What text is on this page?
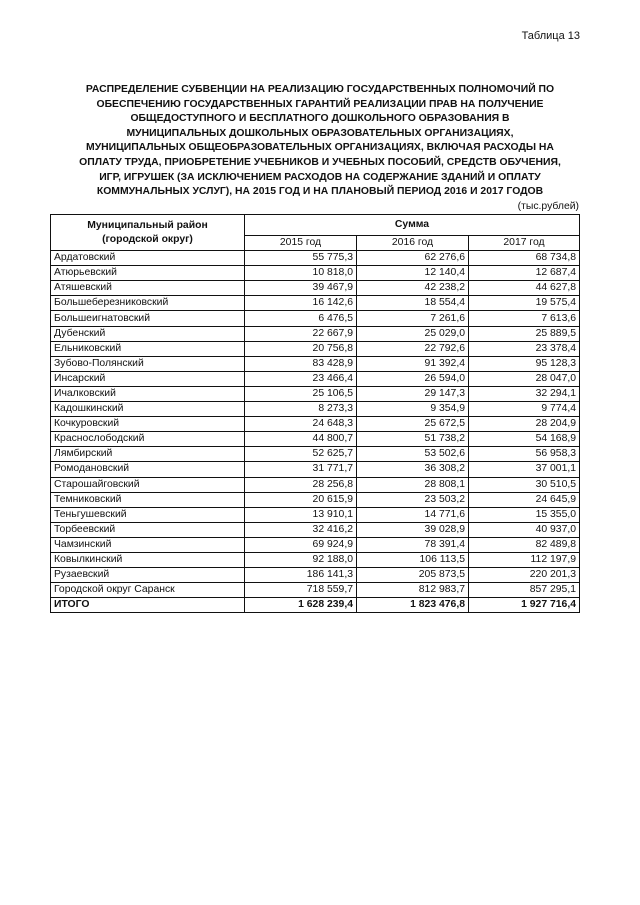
Таблица 13
РАСПРЕДЕЛЕНИЕ СУБВЕНЦИИ НА РЕАЛИЗАЦИЮ ГОСУДАРСТВЕННЫХ ПОЛНОМОЧИЙ ПО
ОБЕСПЕЧЕНИЮ ГОСУДАРСТВЕННЫХ ГАРАНТИЙ РЕАЛИЗАЦИИ ПРАВ НА ПОЛУЧЕНИЕ
ОБЩЕДОСТУПНОГО И БЕСПЛАТНОГО ДОШКОЛЬНОГО ОБРАЗОВАНИЯ В
МУНИЦИПАЛЬНЫХ ДОШКОЛЬНЫХ ОБРАЗОВАТЕЛЬНЫХ ОРГАНИЗАЦИЯХ,
МУНИЦИПАЛЬНЫХ ОБЩЕОБРАЗОВАТЕЛЬНЫХ ОРГАНИЗАЦИЯХ, ВКЛЮЧАЯ РАСХОДЫ НА
ОПЛАТУ ТРУДА, ПРИОБРЕТЕНИЕ УЧЕБНИКОВ И УЧЕБНЫХ ПОСОБИЙ, СРЕДСТВ ОБУЧЕНИЯ,
ИГР, ИГРУШЕК (ЗА ИСКЛЮЧЕНИЕМ РАСХОДОВ НА СОДЕРЖАНИЕ ЗДАНИЙ И ОПЛАТУ
КОММУНАЛЬНЫХ УСЛУГ), НА 2015 ГОД И НА ПЛАНОВЫЙ ПЕРИОД 2016 И 2017 ГОДОВ
(тыс.рублей)
Муниципальный район
(городской округ)	Сумма		
	2015 год	2016 год	2017 год
Ардатовский	55 775,3	62 276,6	68 734,8
Атюрьевский	10 818,0	12 140,4	12 687,4
Атяшевский	39 467,9	42 238,2	44 627,8
Большеберезниковский	16 142,6	18 554,4	19 575,4
Большеигнатовский	6 476,5	7 261,6	7 613,6
Дубенский	22 667,9	25 029,0	25 889,5
Ельниковский	20 756,8	22 792,6	23 378,4
Зубово-Полянский	83 428,9	91 392,4	95 128,3
Инсарский	23 466,4	26 594,0	28 047,0
Ичалковский	25 106,5	29 147,3	32 294,1
Кадошкинский	8 273,3	9 354,9	9 774,4
Кочкуровский	24 648,3	25 672,5	28 204,9
Краснослободский	44 800,7	51 738,2	54 168,9
Лямбирский	52 625,7	53 502,6	56 958,3
Ромодановский	31 771,7	36 308,2	37 001,1
Старошайговский	28 256,8	28 808,1	30 510,5
Темниковский	20 615,9	23 503,2	24 645,9
Теньгушевский	13 910,1	14 771,6	15 355,0
Торбеевский	32 416,2	39 028,9	40 937,0
Чамзинский	69 924,9	78 391,4	82 489,8
Ковылкинский	92 188,0	106 113,5	112 197,9
Рузаевский	186 141,3	205 873,5	220 201,3
Городской округ Саранск	718 559,7	812 983,7	857 295,1
ИТОГО	1 628 239,4	1 823 476,8	1 927 716,4
